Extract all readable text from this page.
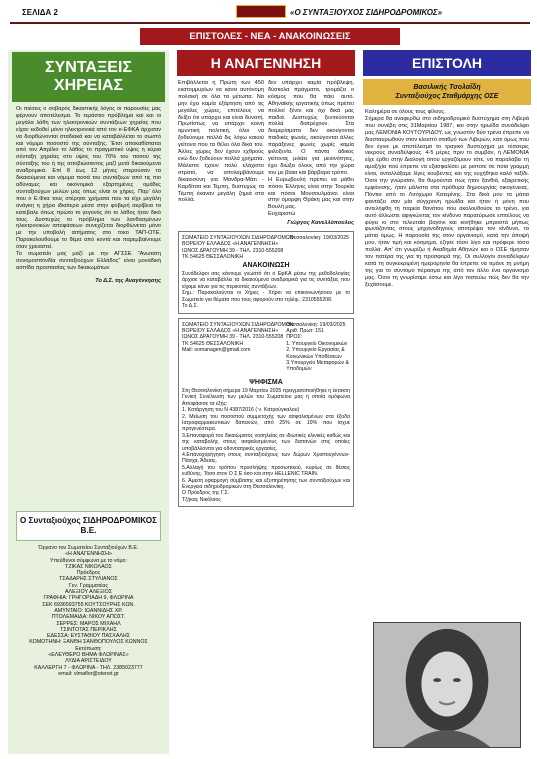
ΣΕΛΙΔΑ 2	«Ο ΣΥΝΤΑΞΙΟΥΧΟΣ ΣΙΔΗΡΟΔΡΟΜΙΚΟΣ»
ΕΠΙΣΤΟΛΕΣ - ΝΕΑ - ΑΝΑΚΟΙΝΩΣΕΙΣ
ΣΥΝΤΑΞΕΙΣ ΧΗΡΕΙΑΣ
Οι πιέσεις ο σοβαρός δικαστικής λόγος οι παρουσίες μας φέρνουν αποτέλεσμα. Το τεράστιο πρόβλημα και και οι μεγάλα λάθη των ηλεκτρονικών συντάξεων χηρείας που είχαν εκδοθεί μόνο ηλεκτρονικά από τον e-ΕΦΚΑ άρχισαν να διορθώνονται σταδιακά και να καταβάλλεται το σωστό και νόμιμο ποσοστό της σύνταξης. Έτσι αποκαθίσταται από τον Απρίλιο το λάθος το πραγματικό ύψος η κύρια σύνταξη χηρείας στο ύψος του 70% του ποσού της σύνταξης του ή της αποβιώσαντος μαζί μετά δικαιούμενα αναδρομικά. Επί 8 έως 12 μήνες στερούσαν τα δικαιούμενα και νόμιμα ποσά του συντάξεων από τις πιο αδύναμες και οικονομικά εξαρτημένες ομάδες συνταξιούχων μελών μας όπως είναι οι χήρες. Παρ' όλο που ο Ε.Φκα τους στέρησε χρήματα που τα είχε μεγάλη ανάγκη η χήρα ιδιαίτερα μέσα στην φοβερή ακρίβεια τα κατέβαλε όπως πρώτο το γεγονός ότι το λάθος ήταν δικό τους. Δυστυχώς το πρόβλημα των λανθασμένων ηλεκτρονικών αποφάσεων συνεχίζεται διορθώνεται μόνο με την υποβολή αιτήματος στο τοκο ΤΑΠ-ΟΤΕ. Παρακολουθούμε το θέμα από κοντά και παρεμβαίνουμε όταν χρειαστεί.
Το σωματείο μας μαζί με την ΑΓΣΣΕ "Ανωτατη συνομοσπονδία συνταξιούχων Ελλάδος" είναι μοναδική ασπίδα προστασίας των δικαιωμάτων
Το Δ.Σ. της Αναγέννησης
Ο Συνταξιούχος ΣΙΔΗΡΟΔΡΟΜΙΚΟΣ Β.Ε.
Όργανο του Σωματείου Συνταξιούχων Β.Ε.
«Η ΑΝΑΓΕΝΝΗΣΗ»
Υπεύθυνοι σύμφωνα με το νόμο:
ΤΖΙΚΑΣ ΝΙΚΟΛΑΟΣ
Πρόεδρος
ΤΣΑΔΑΡΗΣ ΣΤΥΛΙΑΝΟΣ
Γεν. Γραμματέας
ΑΛΕΞΙΟΥ ΑΛΕΞΙΟΣ
ΓΡΑΦΗΙΑ: ΓΡΗΓΟΡΙΑΔΗ 9, ΦΛΩΡΙΝΑ
ΣΕΚ 6936593755 ΚΟΥΤΣΟΥΡΗΣ ΚΩΝ.
ΑΜΥΝΤΑΙΟ: ΙΩΑΝΝΙΔΗΣ ΧΡ.
ΠΤΟΛΕΜΑΙΔΑ: ΝΙΚΟΥ ΑΠΟΣΤ.
ΣΕΡΡΕΣ: ΜΑΡΟΣ ΜΙΧΑΗΛ
ΤΣΙΝΤΟΤΑΣ ΠΕΡΙΚΛΗΣ
ΕΔΕΣΣΑ: ΕΥΣΤΑΘΙΟΥ ΠΑΣΧΑΛΗΣ
ΚΟΜΟΤΗΝΗ: ΞΑΝΘΗ ΣΑΝΘΟΠΟΥΛΟΣ ΚΩΝΝΟΣ
Εκτύπωση:
«ΕΛΕΥΘΕΡΟ ΒΗΜΑ ΦΛΩΡΙΝΑΣ»
ΛΥΔΙΑ ΑΡΙΣΤΕΙΔΟΥ
ΚΑΛΛΕΡΓΗ 7 - ΦΛΩΡΙΝΑ - ΤΗΛ. 2385023777
email: vlmaflor@otenet.gr
Η ΑΝΑΓΕΝΝΗΣΗ
Επιβάλλεται η Πρώτη των 450 εκατομμυρίων να κάνει αυτόνομη πολιτική σε όλα τα μέτωπα. Να μην έχει καμία εξάρτηση από τις μεγάλες χώρες, επιτέλους να δείξει ότι υπάρχει και είναι δυνατή. Πρωτίστως να υπάρχει κοινή αμυντική πολιτική, όλοι να ξοδεύουμε πολλά δις λόγω κακού γείτονα που τα θέλει όλα δικά του. Άλλες χώρες δεν έχουν εχθρούς ενώ δεν ξοδεύουν πολλά χρήματα. Μάλιστα έχουν πολύ ελάχιστο στρατό, να απολαμβάνουμε δικαιοσύνη για Μάνδρα-Μάτι - Καρδίτσα και Τέμπη, δυστυχώς τα Τέμπη έκαναν μεγάλη ζημιά στα πολλά.
δεν υπάρχει καμία πρόβλεψη, δύσκολα πράγματα, τρομάζει ο κόσμος που θα πάει αυτό. Αθηναϊκής εργατικής όπως πρέπει πολλοί ξένοι και όχι δικά μας παιδιά. Δυστυχώς ξενιτεύονται πολλά διατρέχουν. Στα διαμερίσματα δεν ακούγονται παιδικές φωνές, ακούγονται άλλες παράξενες φωνές χωρίς καμία φιλοξενία. Ο πάντα άδικος γείτονας μιλάει για μειονότητες, έχει διώξει όλους από την χώρα του με βίαια και βάρβαρα τρόπο.
Η Ευρωβουλή πρέπει να μάθει πόσοι Έλληνες είναι στην Τουρκία και πόσοι Μουσουλμάνοι είναι στην όμορφη Θράκη μας και στην Βουλή μας.
Ευχαριστώ

Γιώργος Κανελλόπουλος

ΣΩΜΑΤΕΙΟ ΣΥΝΤΑΞΙΟΥΧΩΝ ΣΙΔΗΡΟΔΡΟΜΩΝ
ΒΟΡΕΙΟΥ ΕΛΛΑΔΟΣ «Η ΑΝΑΓΕΝΝΗΣΗ»
ΙΩΝΟΣ ΔΡΑΓΟΥΜΗ 39 - ΤΗΛ. 2310-555208
ΤΚ 54625 ΘΕΣΣΑΛΟΝΙΚΗ
Θεσσαλονίκη: 19/03/2025
ΑΝΑΚΟΙΝΩΣΗ
Συνάδελφοι σας κάνουμε γνωστό ότι ο ΕφΚΑ μέσω της μεθοδολογίας άρχισε να καταβάλλει τα δικαιούμενα αναδρομικά για τις συντάξεις που είχαμε κάνει για τις περικοπές συντάξεων.
Σημ.: Παρακαλούνται οι Χήρες - Χήροι να επικοινωνήσουν με το Σωματείο για θέματα που τους αφορούν στο τηλέφ.: 2310555208.
Το Δ.Σ.
ΣΩΜΑΤΕΙΟ ΣΥΝΤΑΞΙΟΥΧΩΝ ΣΙΔΗΡΟΔΡΟΜΩΝ
ΒΟΡΕΙΟΥ ΕΛΛΑΔΟΣ «Η ΑΝΑΓΕΝΝΗΣΗ»
ΙΩΝΟΣ ΔΡΑΓΟΥΜΗ 39 - ΤΗΛ. 2310-555208
ΤΚ 54625 ΘΕΣΣΑΛΟΝΙΚΗ
Mail: somanagen@gmail.com
Θεσσαλονίκη: 19/03/2025
Αριθ. Πρωτ: 151
ΠΡΟΣ:
1. Υπουργείο Οικονομικών
2. Υπουργείο Εργασίας &
Κοινωνικών Υποθέσεων
3.Υπουργείο Μεταφορών &
Υποδομών
ΨΗΦΙΣΜΑ
Στη Θεσσαλονίκη σήμερα 19 Μαρτίου 2025 πραγματοποιήθηκε η έκτακτη Γενική Συνέλευση των μελών του Σωματείου μας η οποία ομόφωνα Αποφάσισε τα εξής:
1. Κατάργηση του Ν 4387/2016 ( ν. Κατρούγκαλου)
2. Μείωση του ποσοστού συμμετοχής των ασφαλισμένων στα έξοδα Ιατροφαρμακευτικών δαπανών, από 25% σε 10% που ίσχυε προγενέστερα.
3.Επαναφορά του δικαιώματος νοσηλείας σε ιδιωτικές κλινικές καθώς και της καταβολής στους ασφαλισμένους των δαπανών στις οποίες υποβάλλονται για οδοντιατρικές εργασίες.
4.Επαναχορήγηση στους συνταξιούχους των δώρων Χριστουγέννων-Πάσχα, Άδειας.
5.Αλλαγή του τρόπου προσλήψης προσωπικού, κυρίως σε θέσεις ευθύνης. Τόσο στον Ο Σ Ε όσο και στην HELLENIC TRAIN.
6. Άμεση εφαρμογή σύμβασης και εξυπηρέτησης των συνταξιούχων και Ενεργεια σιδηροδρομικών στη Θεσσαλονίκη.
Ο Πρόεδρος της Γ.Σ.
Τζήκας Νικόλαος
ΕΠΙΣΤΟΛΗ
Βασιλικής Τσολαΐδη
Συνταξιούχος Σταθμάρχης ΟΣΕ
Καλημέρα σε όλους τους φίλους.
Σήμερα θα αναφερθώ στο σιδηροδρομικό δυστύχημα στη Λιβερά που συνέβη στις 31Μαρτίου 1987, και στην ηρωίδα συνάδελφο μας ΛΕΜΟΝΙΑ ΚΟΥΤΟΥΡΙΔΟΥ, ως γνωστόν δύο τρένα έπρεπε να διασταυρωθούν στον κλειστό σταθμό των Λιβερών, κάτι όμως που δεν έγινε με αποτέλεσμα το τραγικό δυστύχημα με τέσσερις νεκρούς συναδέλφους. 4-5 μέρες πριν το συμβάν, ή ΛΕΜΟΝΙΑ είχε έρθει στην Διαλογή όπου εργαζόμουν τότε, να παραλάβει τη αμαξ/χία πού έπρεπε να εξασφαλίσει με ριστοτε σε ποια γραμμή είναι, ανταλλάξαμε λίγες κουβέντες και της ευχήθηκα καλό ταξίδι. Όσοι την γνώρισαν, θα θυμούνται πώς ήταν ξανθιά, εξαιρετικής εμφάνισης, ήταν μάλιστα στα πρόθυρα δημιουργίας οικογένειας. Πόντια από το Λιτόχωρο Κατερίνης. Στα δικά μου τα μάτια φαντάζει σαν μία σύγχρονη ηρωίδα και ήταν ή μόνη που αντελήφθη τη παρεία θανάτου που ακολουθούσε το τρένο, για αυτό άλλωστε αφιγκώντας τον κίνδυνο παρατύρωσε επιτέλους να φύγει κι στο τελευταίο βαγόνι και κινήθηκε μπροστά μήπως φωνάζοντας στους μηχανοδηγούς αποτρέψει τον κίνδυνο, τα μάτια όμως. Η παρουσία της στον οργανισμό, κατά την άποψή μου, ήταν τιμή και κόσμημα, έζησε τόσο λίγο και πρόφερε τόσα πολλά. Απ' ότι γνωρίζω ή Ακαδημία Αθηνών και ο ΟΣΕ τίμησαν τον πατέρα της για τη προσφορά της. Οι συλλογοι συναδέλφων κατά τη συγκεκριμένη ημερομηνία θα έπρεπε να τιμάνε τη μνήμη της για το σύντομο πέρασμα της από τον άλλο ένα οργανισμό μας. Όσοι τη γνωρίσαμε έστω και λίγο πιστεύω πώς δεν θα την ξεχάσουμε.
